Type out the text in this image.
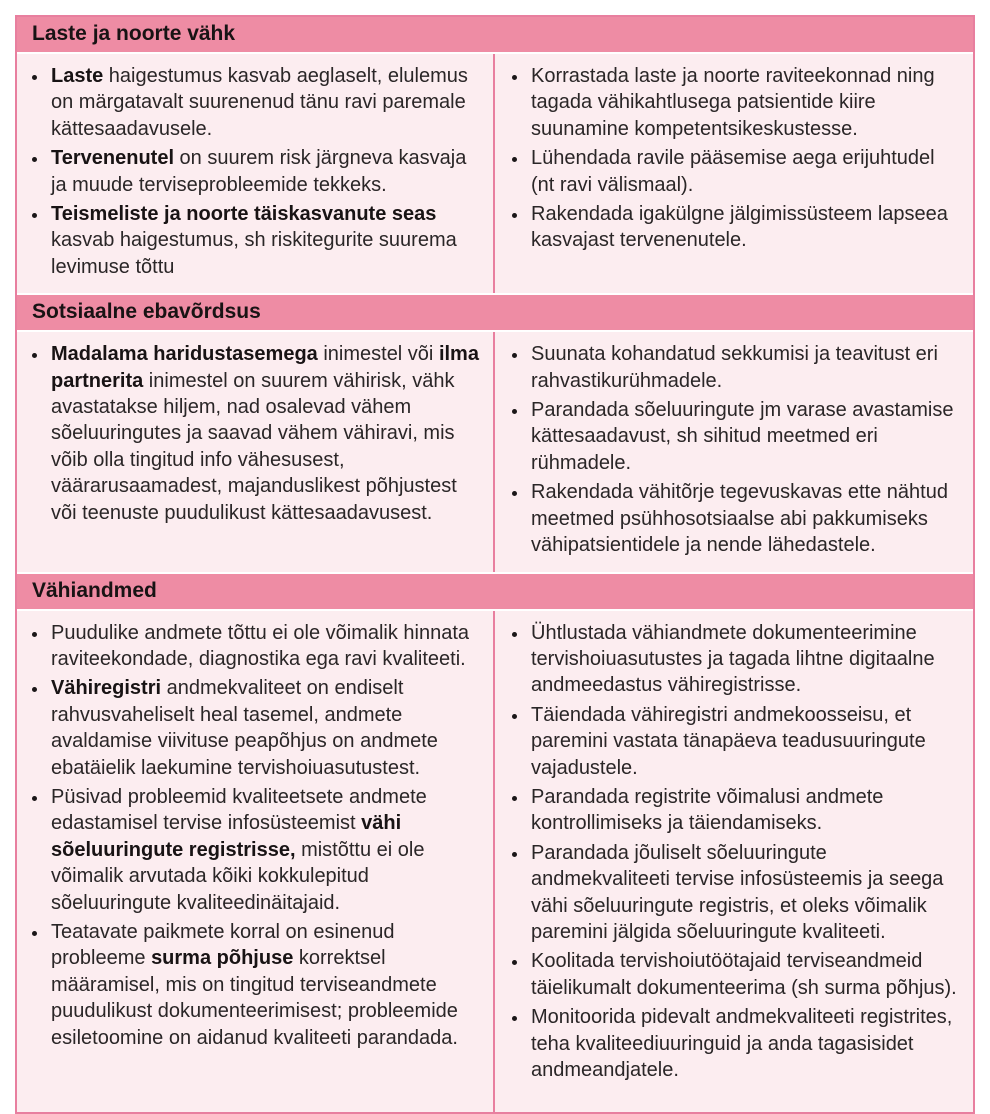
Laste ja noorte vähk
• Laste haigestumus kasvab aeglaselt, elulemus on märgatavalt suurenenud tänu ravi paremale kättesaadavusele.
• Tervenenutel on suurem risk järgneva kasvaja ja muude terviseprobleemide tekkeks.
• Teismeliste ja noorte täiskasvanute seas kasvab haigestumus, sh riskitegurite suurema levimuse tõttu
• Korrastada laste ja noorte raviteekonnad ning tagada vähikahtlusega patsientide kiire suunamine kompetentsikeskustesse.
• Lühendada ravile pääsemise aega erijuhtudel (nt ravi välismaal).
• Rakendada igakülgne jälgimissüsteem lapseea kasvajast tervenenutele.
Sotsiaalne ebavõrdsus
• Madalama haridustasemega inimestel või ilma partnerita inimestel on suurem vähirisk, vähk avastatakse hiljem, nad osalevad vähem sõeluuringutes ja saavad vähem vähiravi, mis võib olla tingitud info vähesusest, väärarusaamadest, majanduslikest põhjustest või teenuste puudulikust kättesaadavusest.
• Suunata kohandatud sekkumisi ja teavitust eri rahvastikurühmadele.
• Parandada sõeluuringute jm varase avastamise kättesaadavust, sh sihitud meetmed eri rühmadele.
• Rakendada vähitõrje tegevuskavas ette nähtud meetmed psühhosotsiaalse abi pakkumiseks vähipatsientidele ja nende lähedastele.
Vähiandmed
• Puudulike andmete tõttu ei ole võimalik hinnata raviteekondade, diagnostika ega ravi kvaliteeti.
• Vähiregistri andmekvaliteet on endiselt rahvusvaheliselt heal tasemel, andmete avaldamise viivituse peapõhjus on andmete ebatäielik laekumine tervishoiuasutustest.
• Püsivad probleemid kvaliteetsete andmete edastamisel tervise infosüsteemist vähi sõeluuringute registrisse, mistõttu ei ole võimalik arvutada kõiki kokkulepitud sõeluuringute kvaliteedinäitajaid.
• Teatavate paikmete korral on esinenud probleeme surma põhjuse korrektsel määramisel, mis on tingitud terviseandmete puudulikust dokumenteerimisest; probleemide esiletoomine on aidanud kvaliteeti parandada.
• Ühtlustada vähiandmete dokumenteerimine tervishoiuasutustes ja tagada lihtne digitaalne andmeedastus vähiregistrisse.
• Täiendada vähiregistri andmekoosseisu, et paremini vastata tänapäeva teadusuuringute vajadustele.
• Parandada registrite võimalusi andmete kontrollimiseks ja täiendamiseks.
• Parandada jõuliselt sõeluuringute andmekvaliteeti tervise infosüsteemis ja seega vähi sõeluuringute registris, et oleks võimalik paremini jälgida sõeluuringute kvaliteeti.
• Koolitada tervishoiutöötajaid terviseandmeid täielikumalt dokumenteerima (sh surma põhjus).
• Monitoorida pidevalt andmekvaliteeti registrites, teha kvaliteediuuringuid ja anda tagasisidet andmeandjatele.
